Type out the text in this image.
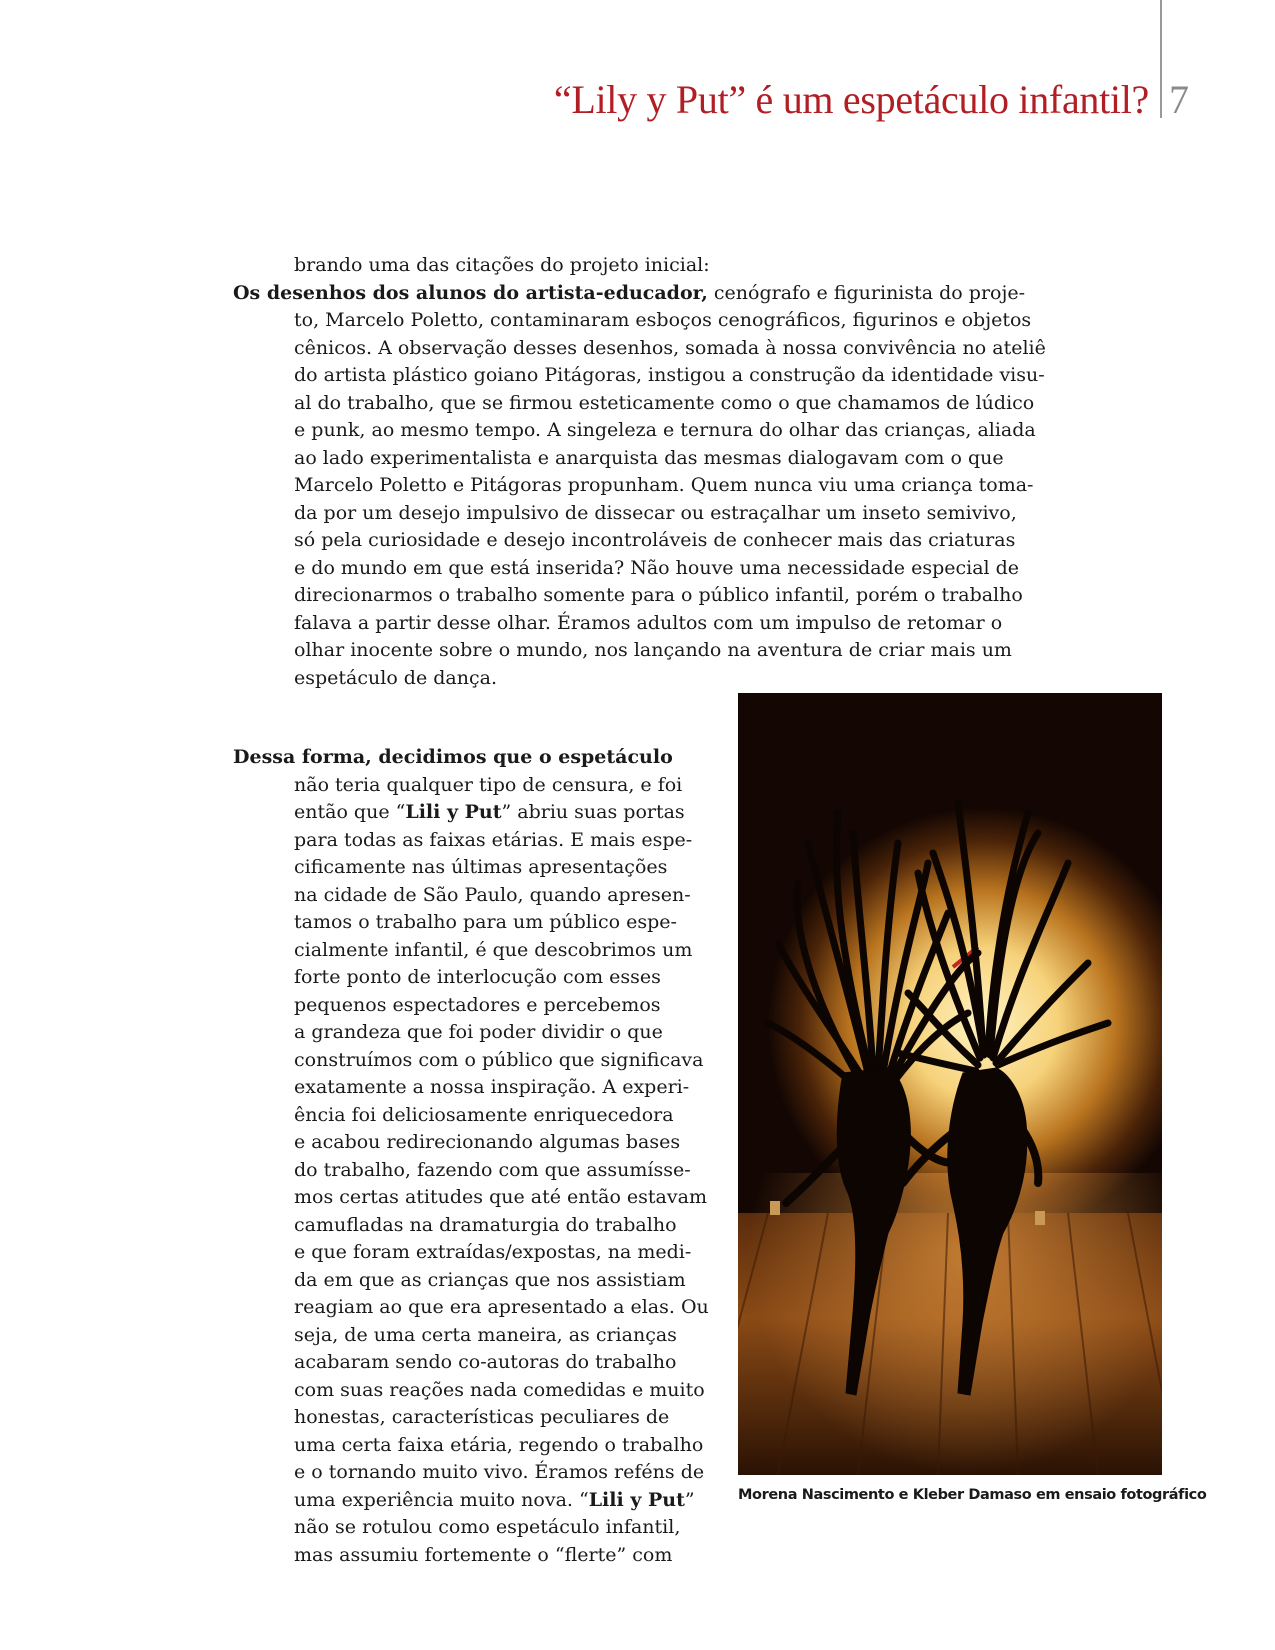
“Lily y Put” é um espetáculo infantil? 7
brando uma das citações do projeto inicial:
Os desenhos dos alunos do artista-educador, cenógrafo e figurinista do proje-
to, Marcelo Poletto, contaminaram esboços cenográficos, figurinos e objetos
cênicos. A observação desses desenhos, somada à nossa convivência no ateliê
do artista plástico goiano Pitágoras, instigou a construção da identidade visu-
al do trabalho, que se firmou esteticamente como o que chamamos de lúdico
e punk, ao mesmo tempo. A singeleza e ternura do olhar das crianças, aliada
ao lado experimentalista e anarquista das mesmas dialogavam com o que
Marcelo Poletto e Pitágoras propunham. Quem nunca viu uma criança toma-
da por um desejo impulsivo de dissecar ou estraçalhar um inseto semivivo,
só pela curiosidade e desejo incontroláveis de conhecer mais das criaturas
e do mundo em que está inserida? Não houve uma necessidade especial de
direcionarmos o trabalho somente para o público infantil, porém o trabalho
falava a partir desse olhar. Éramos adultos com um impulso de retomar o
olhar inocente sobre o mundo, nos lançando na aventura de criar mais um
espetáculo de dança.
Dessa forma, decidimos que o espetáculo
não teria qualquer tipo de censura, e foi
então que “Lili y Put” abriu suas portas
para todas as faixas etárias. E mais espe-
cificamente nas últimas apresentações
na cidade de São Paulo, quando apresen-
tamos o trabalho para um público espe-
cialmente infantil, é que descobrimos um
forte ponto de interlocução com esses
pequenos espectadores e percebemos
a grandeza que foi poder dividir o que
construímos com o público que significava
exatamente a nossa inspiração. A experi-
ência foi deliciosamente enriquecedora
e acabou redirecionando algumas bases
do trabalho, fazendo com que assumísse-
mos certas atitudes que até então estavam
camufladas na dramaturgia do trabalho
e que foram extraídas/expostas, na medi-
da em que as crianças que nos assistiam
reagiam ao que era apresentado a elas. Ou
seja, de uma certa maneira, as crianças
acabaram sendo co-autoras do trabalho
com suas reações nada comedidas e muito
honestas, características peculiares de
uma certa faixa etária, regendo o trabalho
e o tornando muito vivo. Éramos reféns de
uma experiência muito nova. “Lili y Put”
não se rotulou como espetáculo infantil,
mas assumiu fortemente o “flerte” com
Morena Nascimento e Kleber Damaso em ensaio fotográfico
